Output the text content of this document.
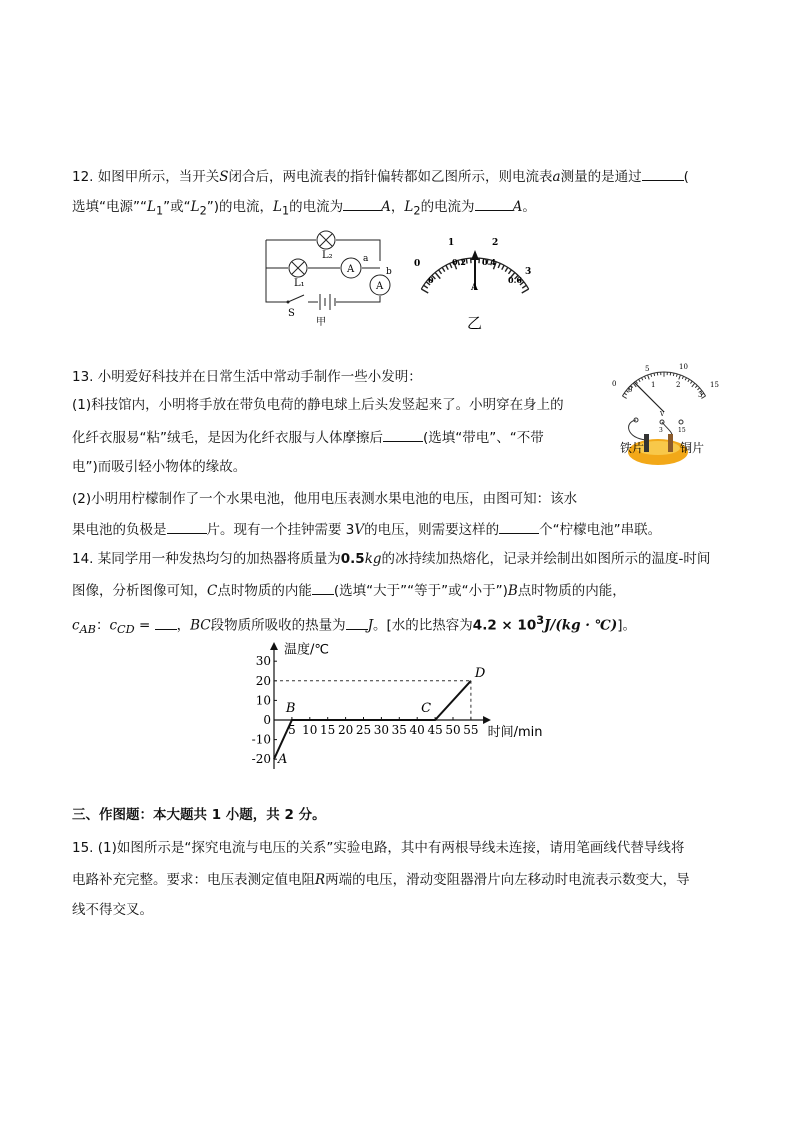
12. 如图甲所示，当开关S闭合后，两电流表的指针偏转都如乙图所示，则电流表a测量的是通过	(
选填“电源$”“L_1$”或“$L_2$”)的电流，$L_1$的电流为	A，$L_2$的电流为	A。
L₂	a
L₁
A
A
b
S
甲
0
1	2
3
0
0.2 0.4
0.6
A
乙
13. 小明爱好科技并在日常生活中常动手制作一些小发明：
(1)科技馆内，小明将手放在带负电荷的静电球上后头发竖起来了。小明穿在身上的
化纤衣服易“粘”绒毛，是因为化纤衣服与人体摩擦后	(选填“带电”、“不带
电”)而吸引轻小物体的缘故。
(2)小明用柠檬制作了一个水果电池，他用电压表测水果电池的电压，由图可知：该水
果电池的负极是	片。现有一个挂钟需要 3V的电压，则需要这样的	个“柠檬电池”串联。
0
5	10
15
0
1	2
3
V
3	15
铁片	铜片
14. 某同学用一种发热均匀的加热器将质量为0.5kg的冰持续加热熔化，记录并绘制出如图所示的温度-时间
图像，分析图像可知，C点时物质的内能 (选填“大于”“等于”或“小于”)B点时物质的内能，
$c_{AB}$：$c_{CD}$ = ，BC段物质所吸收的热量为 J。[水的比热容为$4.2 \times 10^3J/(kg$ · ℃)]。
5 10 15 20 25 30 35 40 45 50 55
30
20
10
0
-10
-20 A
B	C
D
温度/℃
时间/min
三、作图题：本大题共 1 小题，共 2 分。
15. (1)如图所示是“探究电流与电压的关系”实验电路，其中有两根导线未连接，请用笔画线代替导线将
电路补充完整。要求：电压表测定值电阻R两端的电压，滑动变阻器滑片向左移动时电流表示数变大，导
线不得交叉。
